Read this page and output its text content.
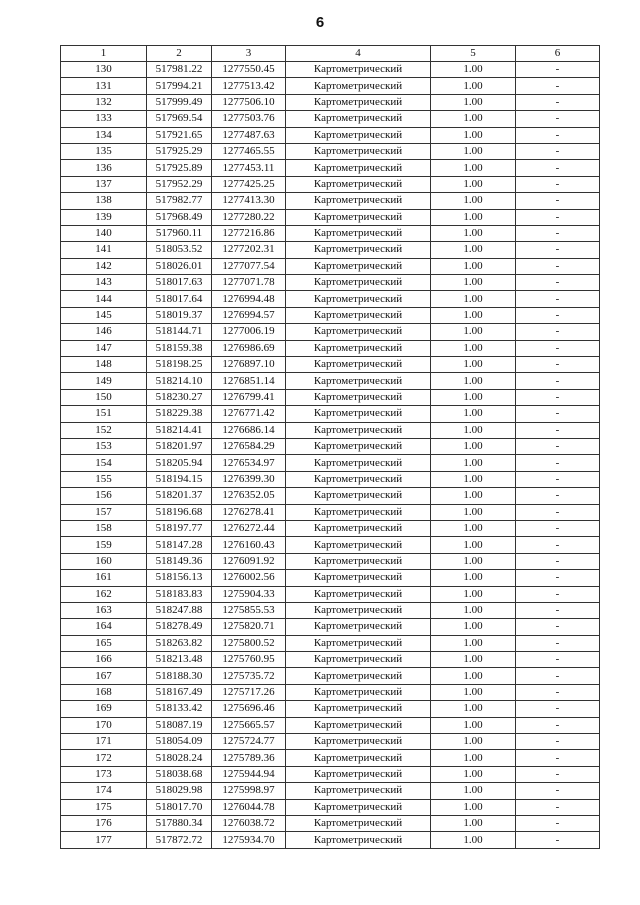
6
1	2	3	4	5	6
130	517981.22	1277550.45	Картометрический	1.00	-
131	517994.21	1277513.42	Картометрический	1.00	-
132	517999.49	1277506.10	Картометрический	1.00	-
133	517969.54	1277503.76	Картометрический	1.00	-
134	517921.65	1277487.63	Картометрический	1.00	-
135	517925.29	1277465.55	Картометрический	1.00	-
136	517925.89	1277453.11	Картометрический	1.00	-
137	517952.29	1277425.25	Картометрический	1.00	-
138	517982.77	1277413.30	Картометрический	1.00	-
139	517968.49	1277280.22	Картометрический	1.00	-
140	517960.11	1277216.86	Картометрический	1.00	-
141	518053.52	1277202.31	Картометрический	1.00	-
142	518026.01	1277077.54	Картометрический	1.00	-
143	518017.63	1277071.78	Картометрический	1.00	-
144	518017.64	1276994.48	Картометрический	1.00	-
145	518019.37	1276994.57	Картометрический	1.00	-
146	518144.71	1277006.19	Картометрический	1.00	-
147	518159.38	1276986.69	Картометрический	1.00	-
148	518198.25	1276897.10	Картометрический	1.00	-
149	518214.10	1276851.14	Картометрический	1.00	-
150	518230.27	1276799.41	Картометрический	1.00	-
151	518229.38	1276771.42	Картометрический	1.00	-
152	518214.41	1276686.14	Картометрический	1.00	-
153	518201.97	1276584.29	Картометрический	1.00	-
154	518205.94	1276534.97	Картометрический	1.00	-
155	518194.15	1276399.30	Картометрический	1.00	-
156	518201.37	1276352.05	Картометрический	1.00	-
157	518196.68	1276278.41	Картометрический	1.00	-
158	518197.77	1276272.44	Картометрический	1.00	-
159	518147.28	1276160.43	Картометрический	1.00	-
160	518149.36	1276091.92	Картометрический	1.00	-
161	518156.13	1276002.56	Картометрический	1.00	-
162	518183.83	1275904.33	Картометрический	1.00	-
163	518247.88	1275855.53	Картометрический	1.00	-
164	518278.49	1275820.71	Картометрический	1.00	-
165	518263.82	1275800.52	Картометрический	1.00	-
166	518213.48	1275760.95	Картометрический	1.00	-
167	518188.30	1275735.72	Картометрический	1.00	-
168	518167.49	1275717.26	Картометрический	1.00	-
169	518133.42	1275696.46	Картометрический	1.00	-
170	518087.19	1275665.57	Картометрический	1.00	-
171	518054.09	1275724.77	Картометрический	1.00	-
172	518028.24	1275789.36	Картометрический	1.00	-
173	518038.68	1275944.94	Картометрический	1.00	-
174	518029.98	1275998.97	Картометрический	1.00	-
175	518017.70	1276044.78	Картометрический	1.00	-
176	517880.34	1276038.72	Картометрический	1.00	-
177	517872.72	1275934.70	Картометрический	1.00	-
